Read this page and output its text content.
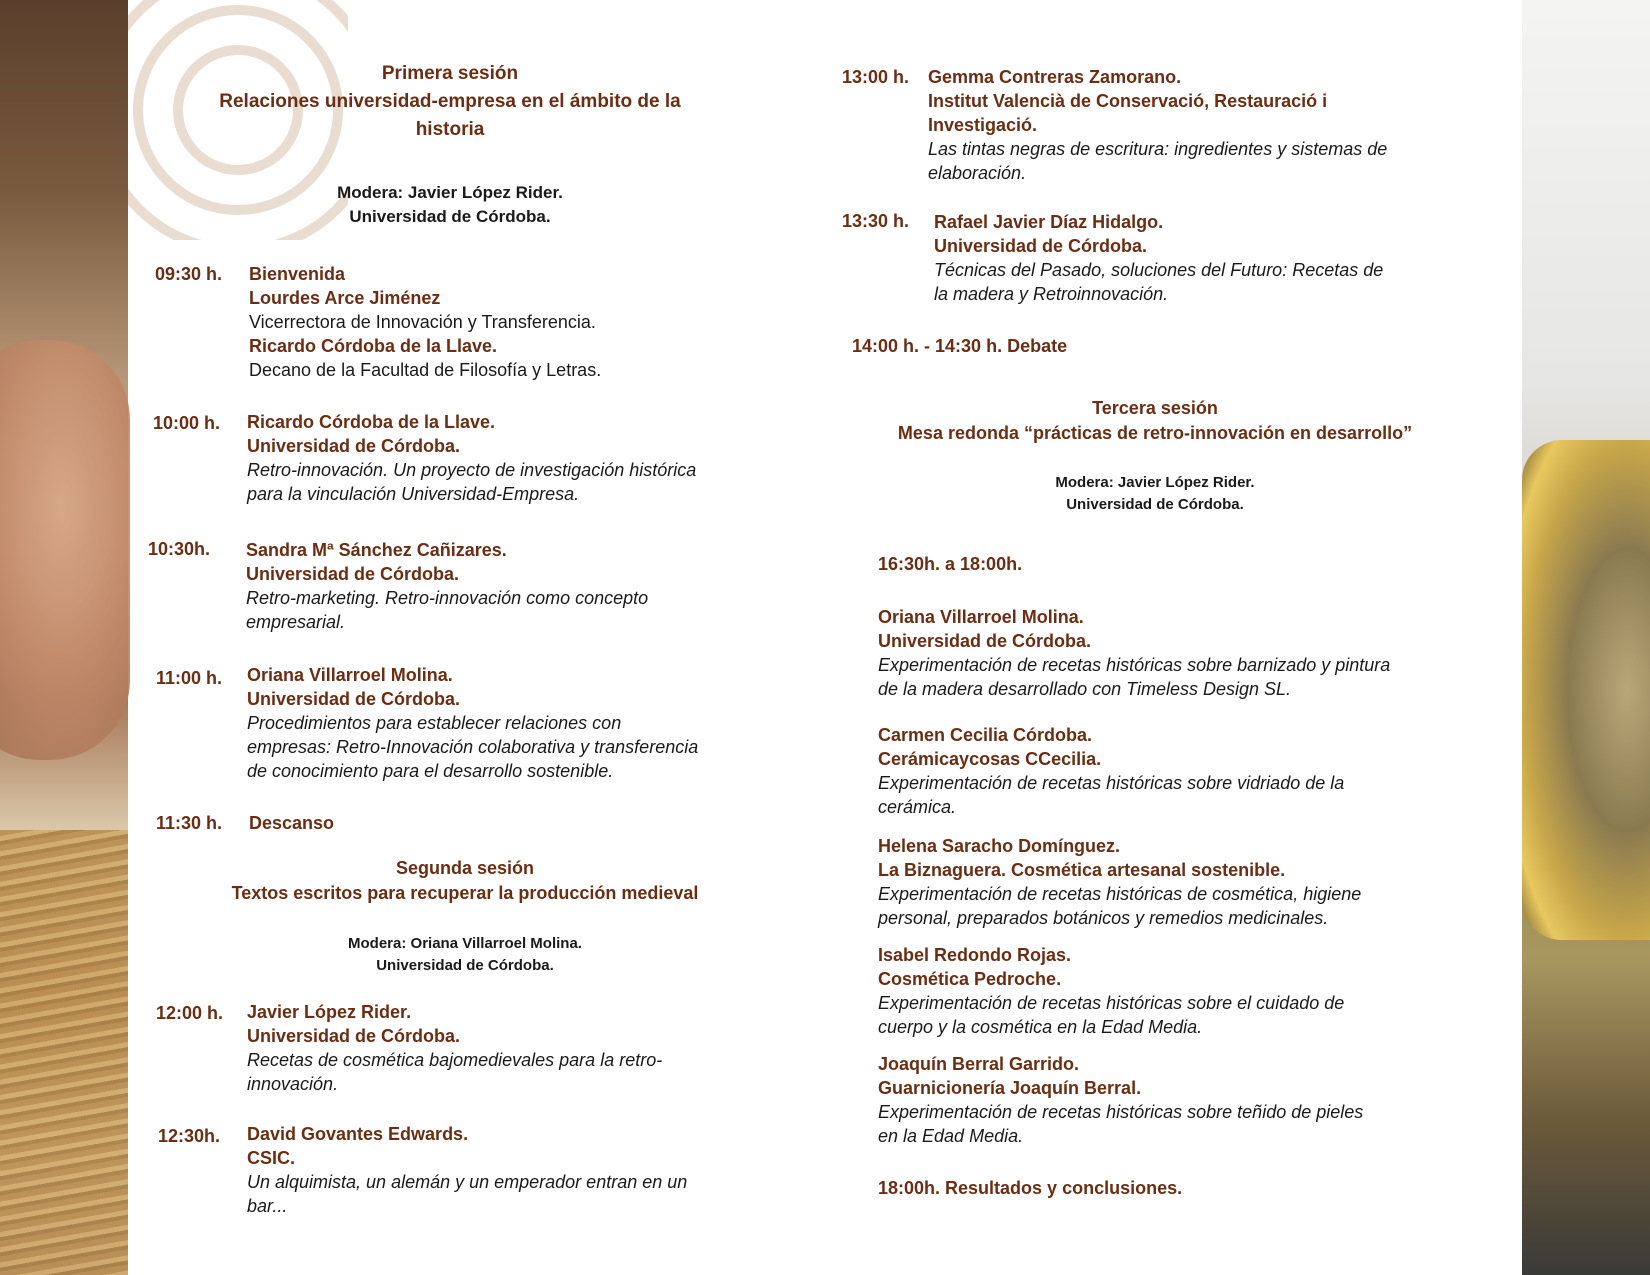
Primera sesión
Relaciones universidad-empresa en el ámbito de la
historia
Modera: Javier López Rider.
Universidad de Córdoba.
09:30 h. Bienvenida
Lourdes Arce Jiménez
Vicerrectora de Innovación y Transferencia.
Ricardo Córdoba de la Llave.
Decano de la Facultad de Filosofía y Letras.
10:00 h. Ricardo Córdoba de la Llave.
Universidad de Córdoba.
Retro-innovación. Un proyecto de investigación histórica
para la vinculación Universidad-Empresa.
10:30h. Sandra Mª Sánchez Cañizares.
Universidad de Córdoba.
Retro-marketing. Retro-innovación como concepto
empresarial.
11:00 h. Oriana Villarroel Molina.
Universidad de Córdoba.
Procedimientos para establecer relaciones con
empresas: Retro-Innovación colaborativa y transferencia
de conocimiento para el desarrollo sostenible.
11:30 h. Descanso
Segunda sesión
Textos escritos para recuperar la producción medieval
Modera: Oriana Villarroel Molina.
Universidad de Córdoba.
12:00 h. Javier López Rider.
Universidad de Córdoba.
Recetas de cosmética bajomedievales para la retro-
innovación.
12:30h. David Govantes Edwards.
CSIC.
Un alquimista, un alemán y un emperador entran en un
bar...
13:00 h. Gemma Contreras Zamorano.
Institut Valencià de Conservació, Restauració i
Investigació.
Las tintas negras de escritura: ingredientes y sistemas de
elaboración.
13:30 h. Rafael Javier Díaz Hidalgo.
Universidad de Córdoba.
Técnicas del Pasado, soluciones del Futuro: Recetas de
la madera y Retroinnovación.
14:00 h. - 14:30 h. Debate
Tercera sesión
Mesa redonda “prácticas de retro-innovación en desarrollo”
Modera: Javier López Rider.
Universidad de Córdoba.
16:30h. a 18:00h.
Oriana Villarroel Molina.
Universidad de Córdoba.
Experimentación de recetas históricas sobre barnizado y pintura
de la madera desarrollado con Timeless Design SL.
Carmen Cecilia Córdoba.
Cerámicaycosas CCecilia.
Experimentación de recetas históricas sobre vidriado de la
cerámica.
Helena Saracho Domínguez.
La Biznaguera. Cosmética artesanal sostenible.
Experimentación de recetas históricas de cosmética, higiene
personal, preparados botánicos y remedios medicinales.
Isabel Redondo Rojas.
Cosmética Pedroche.
Experimentación de recetas históricas sobre el cuidado de
cuerpo y la cosmética en la Edad Media.
Joaquín Berral Garrido.
Guarnicionería Joaquín Berral.
Experimentación de recetas históricas sobre teñido de pieles
en la Edad Media.
18:00h. Resultados y conclusiones.
